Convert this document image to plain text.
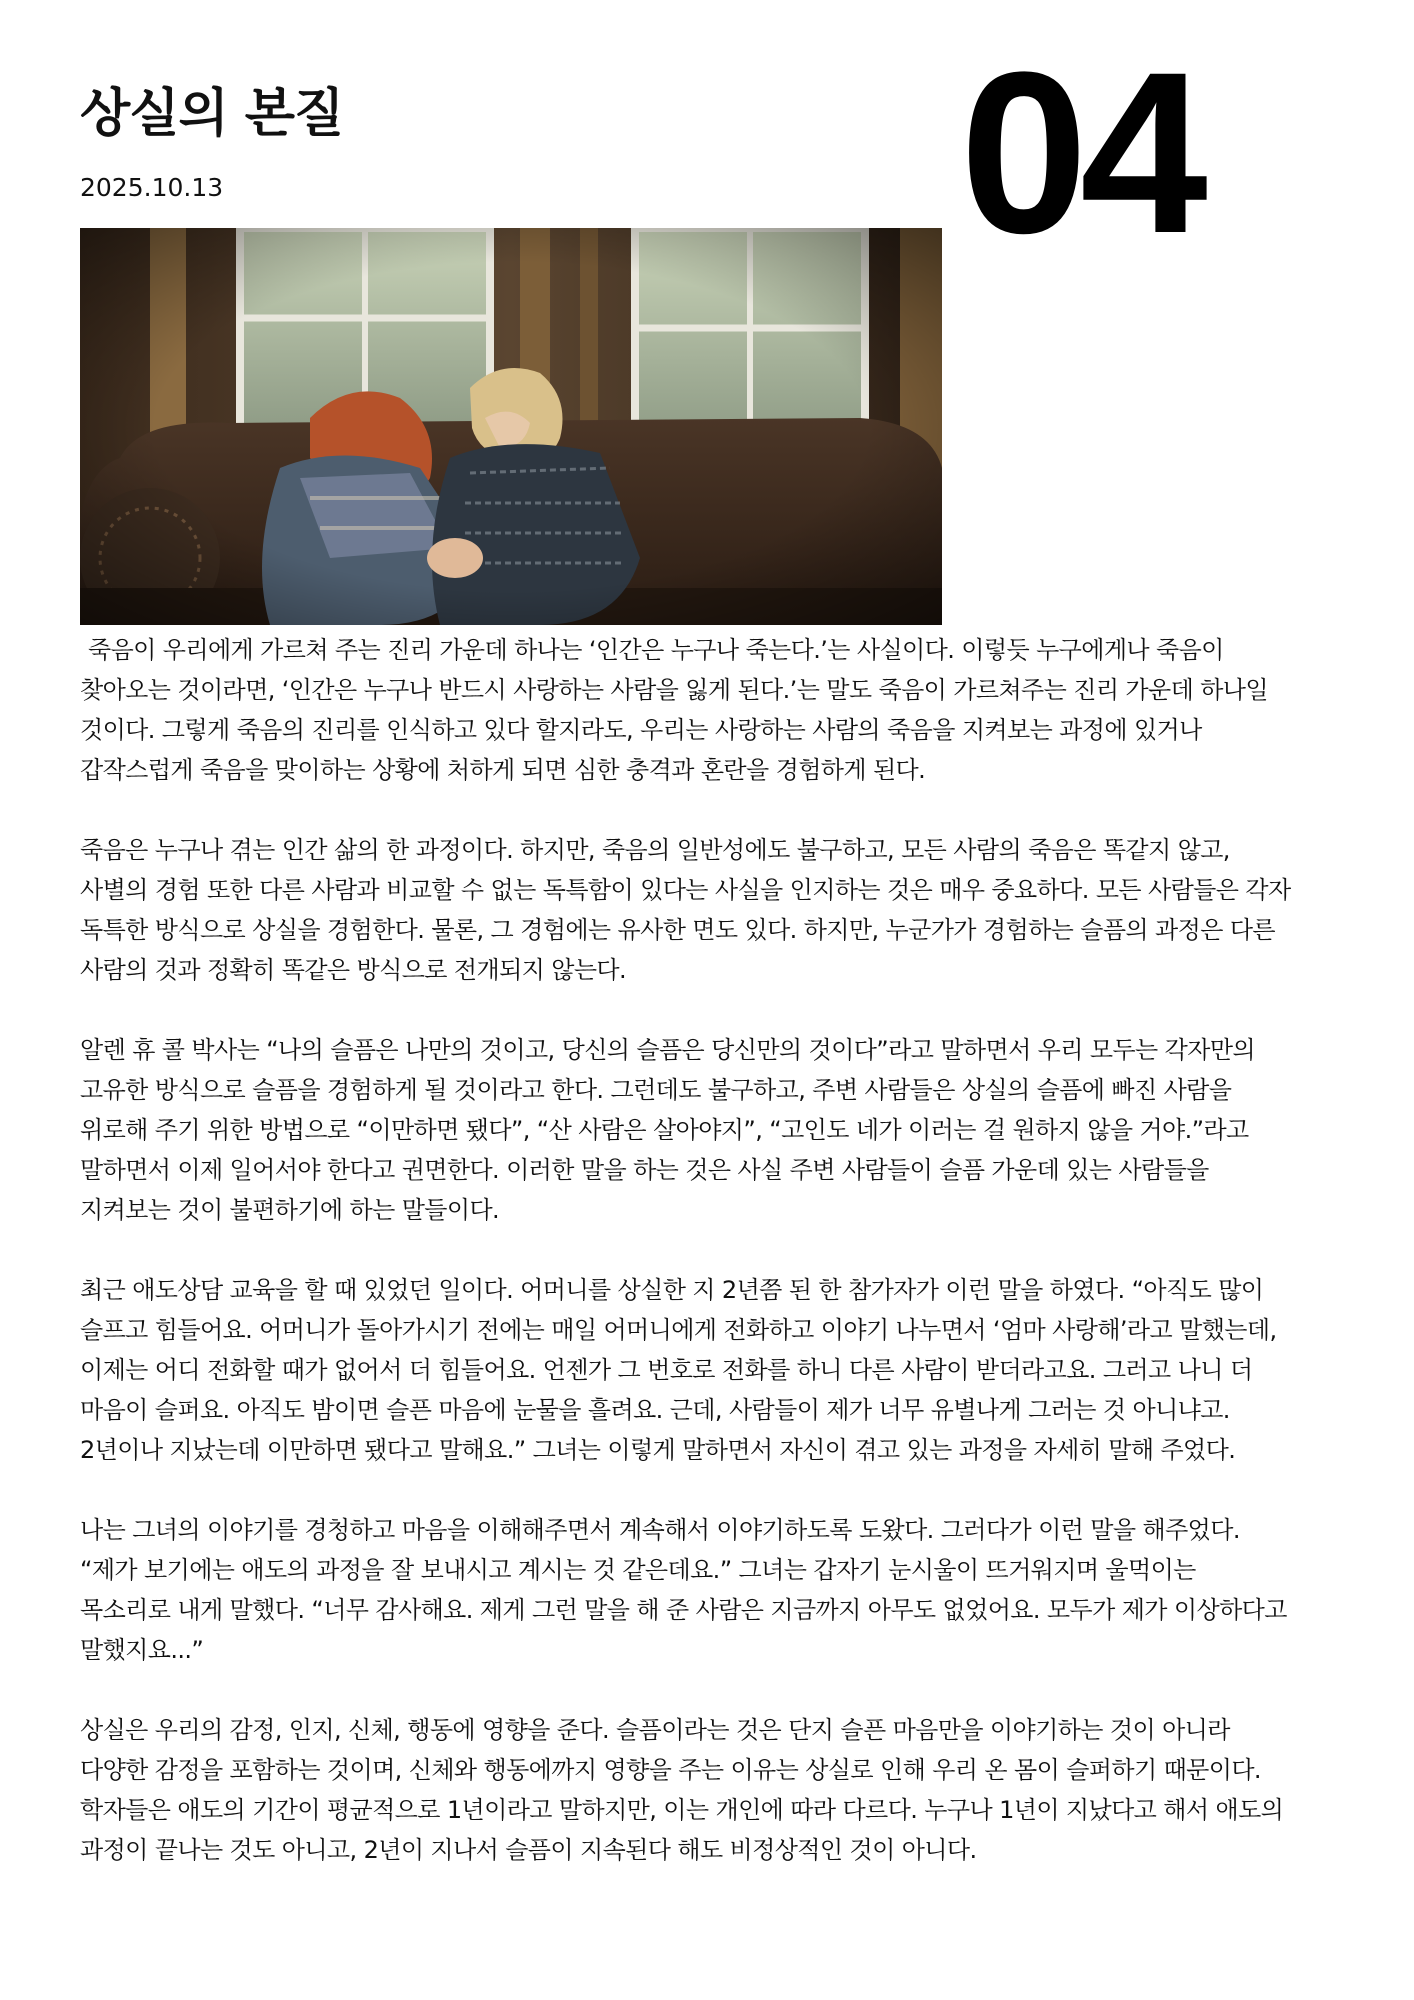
상실의 본질
2025.10.13	04

죽음이 우리에게 가르쳐 주는 진리 가운데 하나는 ‘인간은 누구나 죽는다.’는 사실이다. 이렇듯 누구에게나 죽음이 찾아오는 것이라면, ‘인간은 누구나 반드시 사랑하는 사람을 잃게 된다.’는 말도 죽음이 가르쳐주는 진리 가운데 하나일 것이다. 그렇게 죽음의 진리를 인식하고 있다 할지라도, 우리는 사랑하는 사람의 죽음을 지켜보는 과정에 있거나 갑작스럽게 죽음을 맞이하는 상황에 처하게 되면 심한 충격과 혼란을 경험하게 된다.

죽음은 누구나 겪는 인간 삶의 한 과정이다. 하지만, 죽음의 일반성에도 불구하고, 모든 사람의 죽음은 똑같지 않고, 사별의 경험 또한 다른 사람과 비교할 수 없는 독특함이 있다는 사실을 인지하는 것은 매우 중요하다. 모든 사람들은 각자 독특한 방식으로 상실을 경험한다. 물론, 그 경험에는 유사한 면도 있다. 하지만, 누군가가 경험하는 슬픔의 과정은 다른 사람의 것과 정확히 똑같은 방식으로 전개되지 않는다.

알렌 휴 콜 박사는 “나의 슬픔은 나만의 것이고, 당신의 슬픔은 당신만의 것이다”라고 말하면서 우리 모두는 각자만의 고유한 방식으로 슬픔을 경험하게 될 것이라고 한다. 그런데도 불구하고, 주변 사람들은 상실의 슬픔에 빠진 사람을 위로해 주기 위한 방법으로 “이만하면 됐다”, “산 사람은 살아야지”, “고인도 네가 이러는 걸 원하지 않을 거야.”라고 말하면서 이제 일어서야 한다고 권면한다. 이러한 말을 하는 것은 사실 주변 사람들이 슬픔 가운데 있는 사람들을 지켜보는 것이 불편하기에 하는 말들이다.

최근 애도상담 교육을 할 때 있었던 일이다. 어머니를 상실한 지 2년쯤 된 한 참가자가 이런 말을 하였다. “아직도 많이 슬프고 힘들어요. 어머니가 돌아가시기 전에는 매일 어머니에게 전화하고 이야기 나누면서 ‘엄마 사랑해’라고 말했는데, 이제는 어디 전화할 때가 없어서 더 힘들어요. 언젠가 그 번호로 전화를 하니 다른 사람이 받더라고요. 그러고 나니 더 마음이 슬퍼요. 아직도 밤이면 슬픈 마음에 눈물을 흘려요. 근데, 사람들이 제가 너무 유별나게 그러는 것 아니냐고. 2년이나 지났는데 이만하면 됐다고 말해요.” 그녀는 이렇게 말하면서 자신이 겪고 있는 과정을 자세히 말해 주었다.

나는 그녀의 이야기를 경청하고 마음을 이해해주면서 계속해서 이야기하도록 도왔다. 그러다가 이런 말을 해주었다. “제가 보기에는 애도의 과정을 잘 보내시고 계시는 것 같은데요.” 그녀는 갑자기 눈시울이 뜨거워지며 울먹이는 목소리로 내게 말했다. “너무 감사해요. 제게 그런 말을 해 준 사람은 지금까지 아무도 없었어요. 모두가 제가 이상하다고 말했지요...”

상실은 우리의 감정, 인지, 신체, 행동에 영향을 준다. 슬픔이라는 것은 단지 슬픈 마음만을 이야기하는 것이 아니라 다양한 감정을 포함하는 것이며, 신체와 행동에까지 영향을 주는 이유는 상실로 인해 우리 온 몸이 슬퍼하기 때문이다. 학자들은 애도의 기간이 평균적으로 1년이라고 말하지만, 이는 개인에 따라 다르다. 누구나 1년이 지났다고 해서 애도의 과정이 끝나는 것도 아니고, 2년이 지나서 슬픔이 지속된다 해도 비정상적인 것이 아니다.
